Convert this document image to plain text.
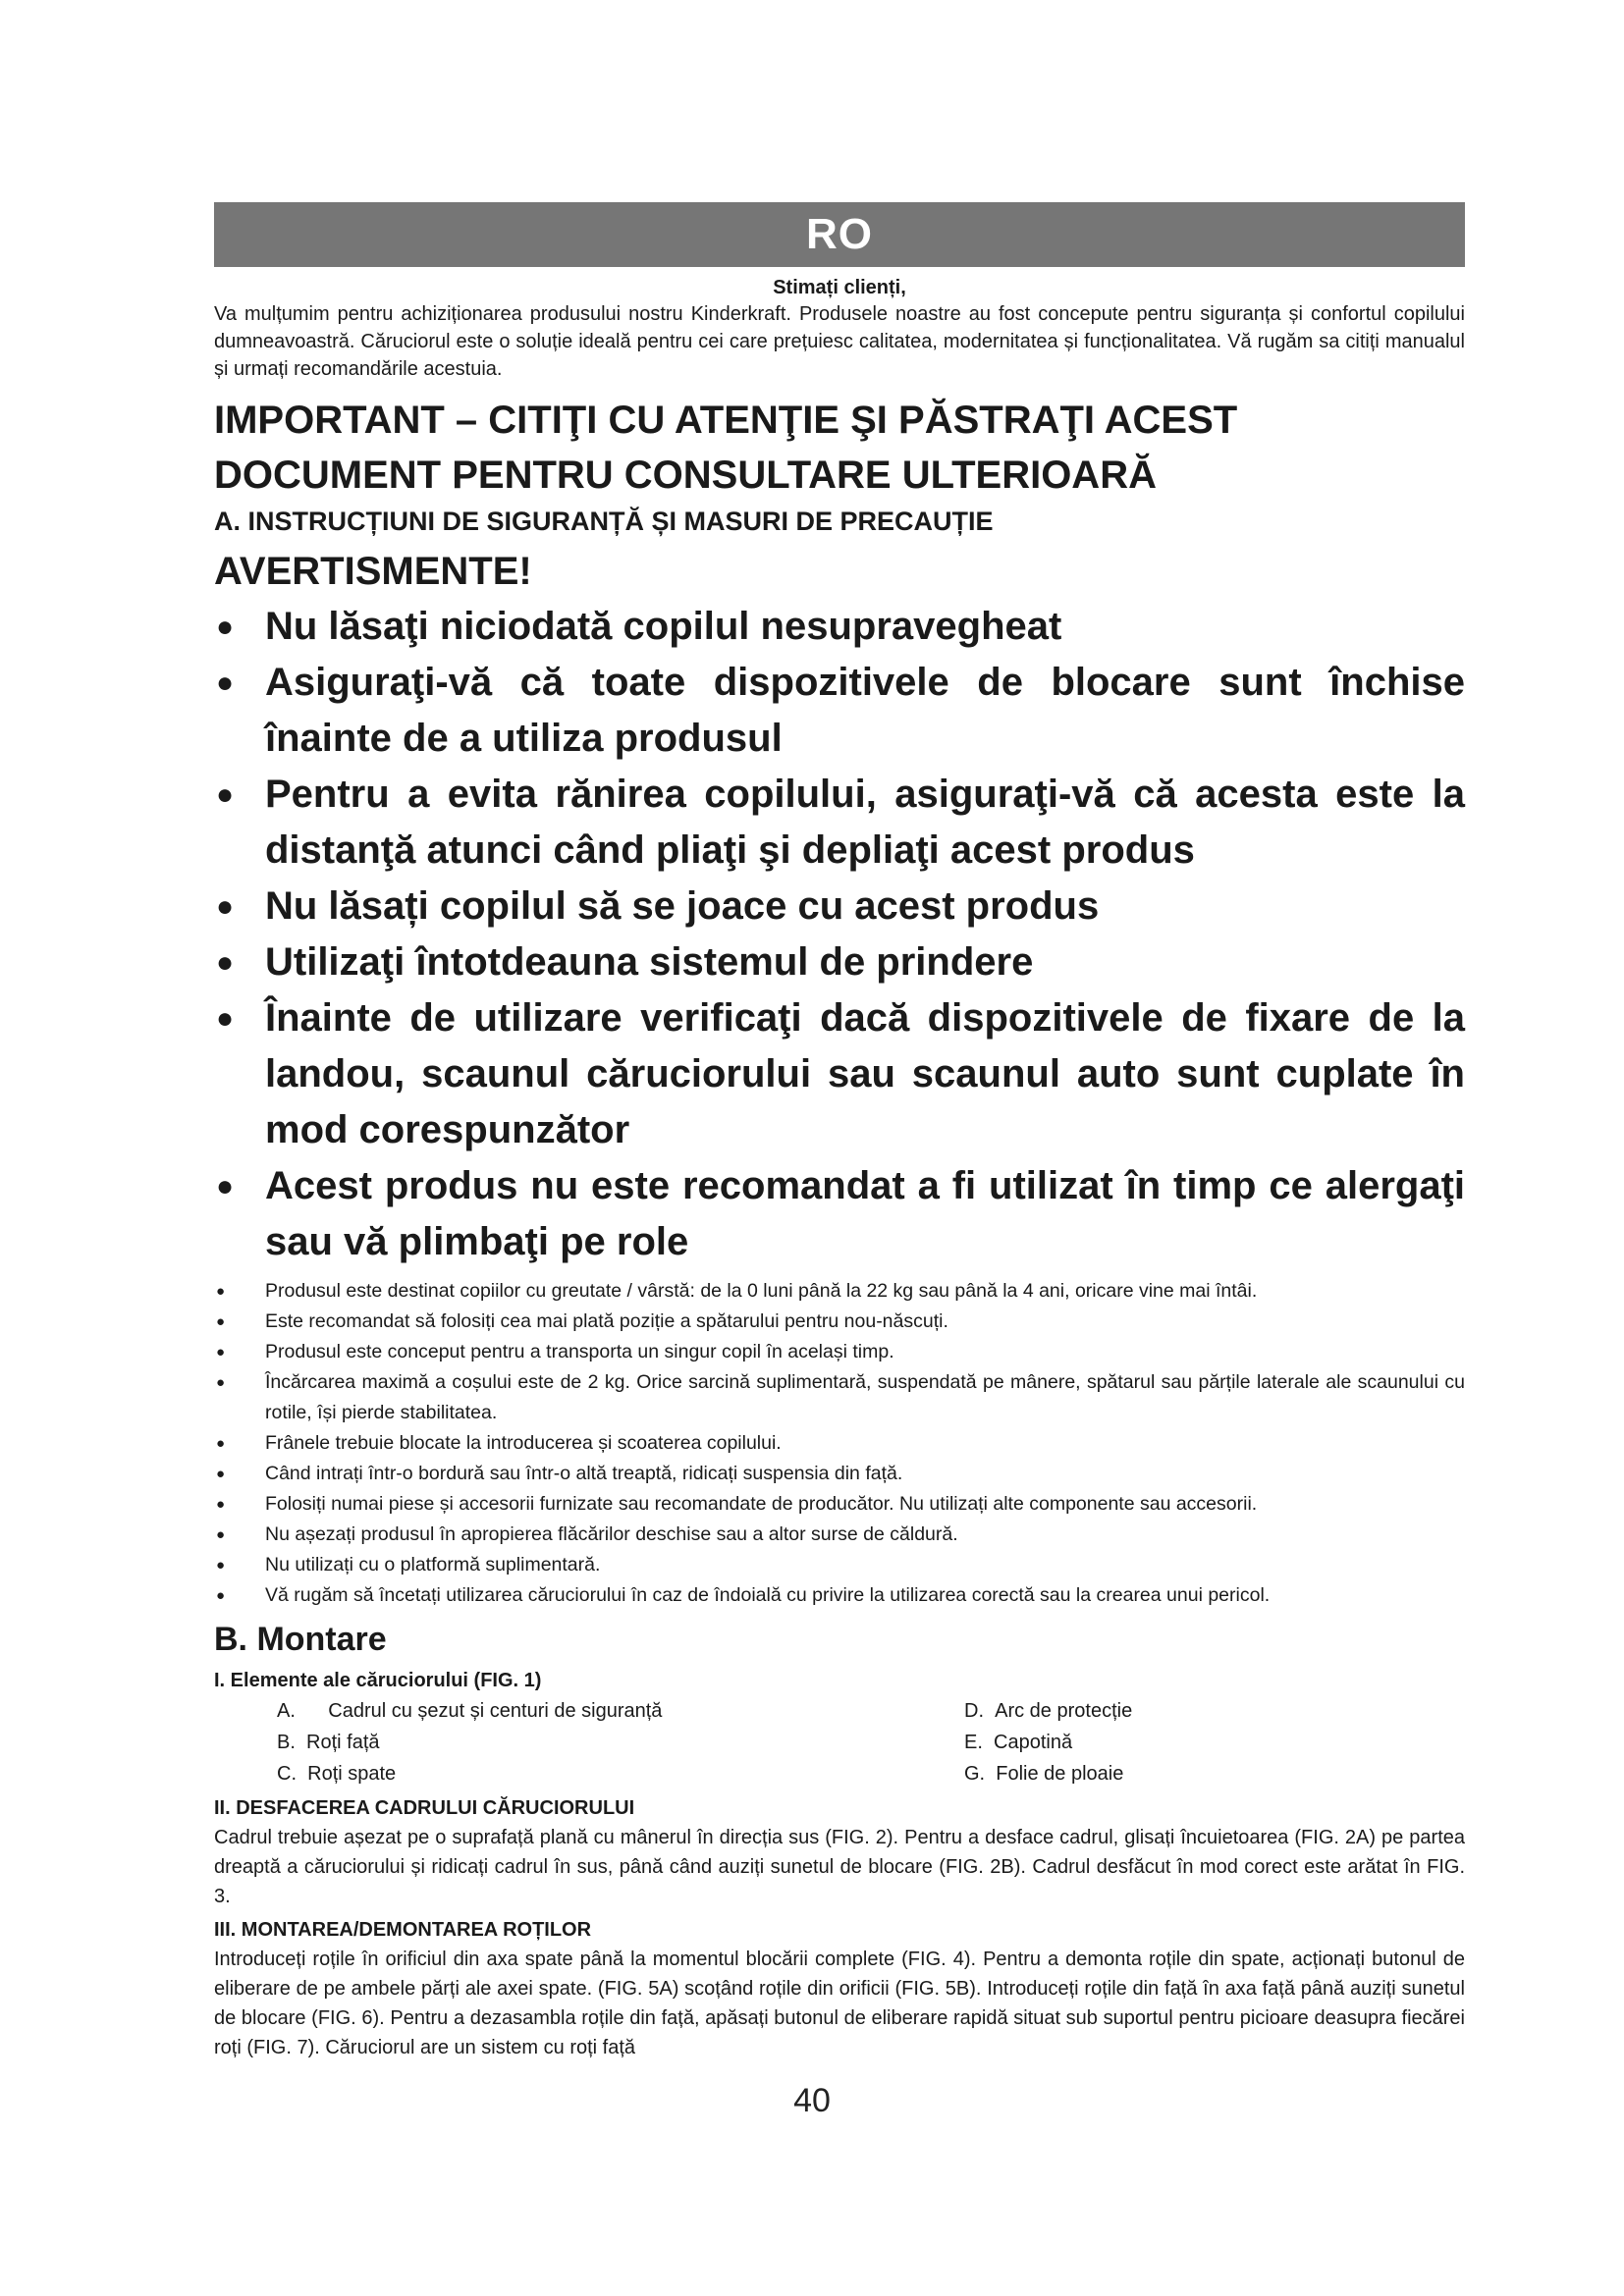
RO
Stimați clienți,

Va mulțumim pentru achiziționarea produsului nostru Kinderkraft. Produsele noastre au fost concepute pentru siguranța și confortul copilului dumneavoastră. Căruciorul este o soluție ideală pentru cei care prețuiesc calitatea, modernitatea și funcționalitatea. Vă rugăm sa citiți manualul și urmați recomandările acestuia.

IMPORTANT – CITIŢI CU ATENŢIE ŞI PĂSTRAŢI ACEST
DOCUMENT PENTRU CONSULTARE ULTERIOARĂ
A. INSTRUCȚIUNI DE SIGURANȚĂ ȘI MASURI DE PRECAUȚIE
AVERTISMENTE!
● Nu lăsaţi niciodată copilul nesupravegheat
● Asiguraţi-vă că toate dispozitivele de blocare sunt închise înainte de a utiliza produsul
● Pentru a evita rănirea copilului, asiguraţi-vă că acesta este la distanţă atunci când pliaţi şi depliaţi acest produs
● Nu lăsați copilul să se joace cu acest produs
● Utilizaţi întotdeauna sistemul de prindere
● Înainte de utilizare verificaţi dacă dispozitivele de fixare de la landou, scaunul căruciorului sau scaunul auto sunt cuplate în mod corespunzător
● Acest produs nu este recomandat a fi utilizat în timp ce alergaţi sau vă plimbaţi pe role
● Produsul este destinat copiilor cu greutate / vârstă: de la 0 luni până la 22 kg sau până la 4 ani, oricare vine mai întâi.
● Este recomandat să folosiți cea mai plată poziție a spătarului pentru nou-născuți.
● Produsul este conceput pentru a transporta un singur copil în același timp.
● Încărcarea maximă a coșului este de 2 kg. Orice sarcină suplimentară, suspendată pe mânere, spătarul sau părțile laterale ale scaunului cu rotile, își pierde stabilitatea.
● Frânele trebuie blocate la introducerea și scoaterea copilului.
● Când intrați într-o bordură sau într-o altă treaptă, ridicați suspensia din față.
● Folosiți numai piese și accesorii furnizate sau recomandate de producător. Nu utilizați alte componente sau accesorii.
● Nu așezați produsul în apropierea flăcărilor deschise sau a altor surse de căldură.
● Nu utilizați cu o platformă suplimentară.
● Vă rugăm să încetați utilizarea căruciorului în caz de îndoială cu privire la utilizarea corectă sau la crearea unui pericol.
B. Montare
I. Elemente ale căruciorului (FIG. 1)
A. Cadrul cu șezut și centuri de siguranță
B. Roți față
C. Roți spate
D. Arc de protecție
E. Capotină
G. Folie de ploaie
II. DESFACEREA CADRULUI CĂRUCIORULUI

Cadrul trebuie așezat pe o suprafață plană cu mânerul în direcția sus (FIG. 2). Pentru a desface cadrul, glisați încuietoarea (FIG. 2A) pe partea dreaptă a căruciorului și ridicați cadrul în sus, până când auziți sunetul de blocare (FIG. 2B). Cadrul desfăcut în mod corect este arătat în FIG. 3.

III. MONTAREA/DEMONTAREA ROȚILOR

Introduceți roțile în orificiul din axa spate până la momentul blocării complete (FIG. 4). Pentru a demonta roțile din spate, acționați butonul de eliberare de pe ambele părți ale axei spate. (FIG. 5A) scoțând roțile din orificii (FIG. 5B). Introduceți roțile din față în axa față până auziți sunetul de blocare (FIG. 6). Pentru a dezasambla roțile din față, apăsați butonul de eliberare rapidă situat sub suportul pentru picioare deasupra fiecărei roți (FIG. 7). Căruciorul are un sistem cu roți față

40
